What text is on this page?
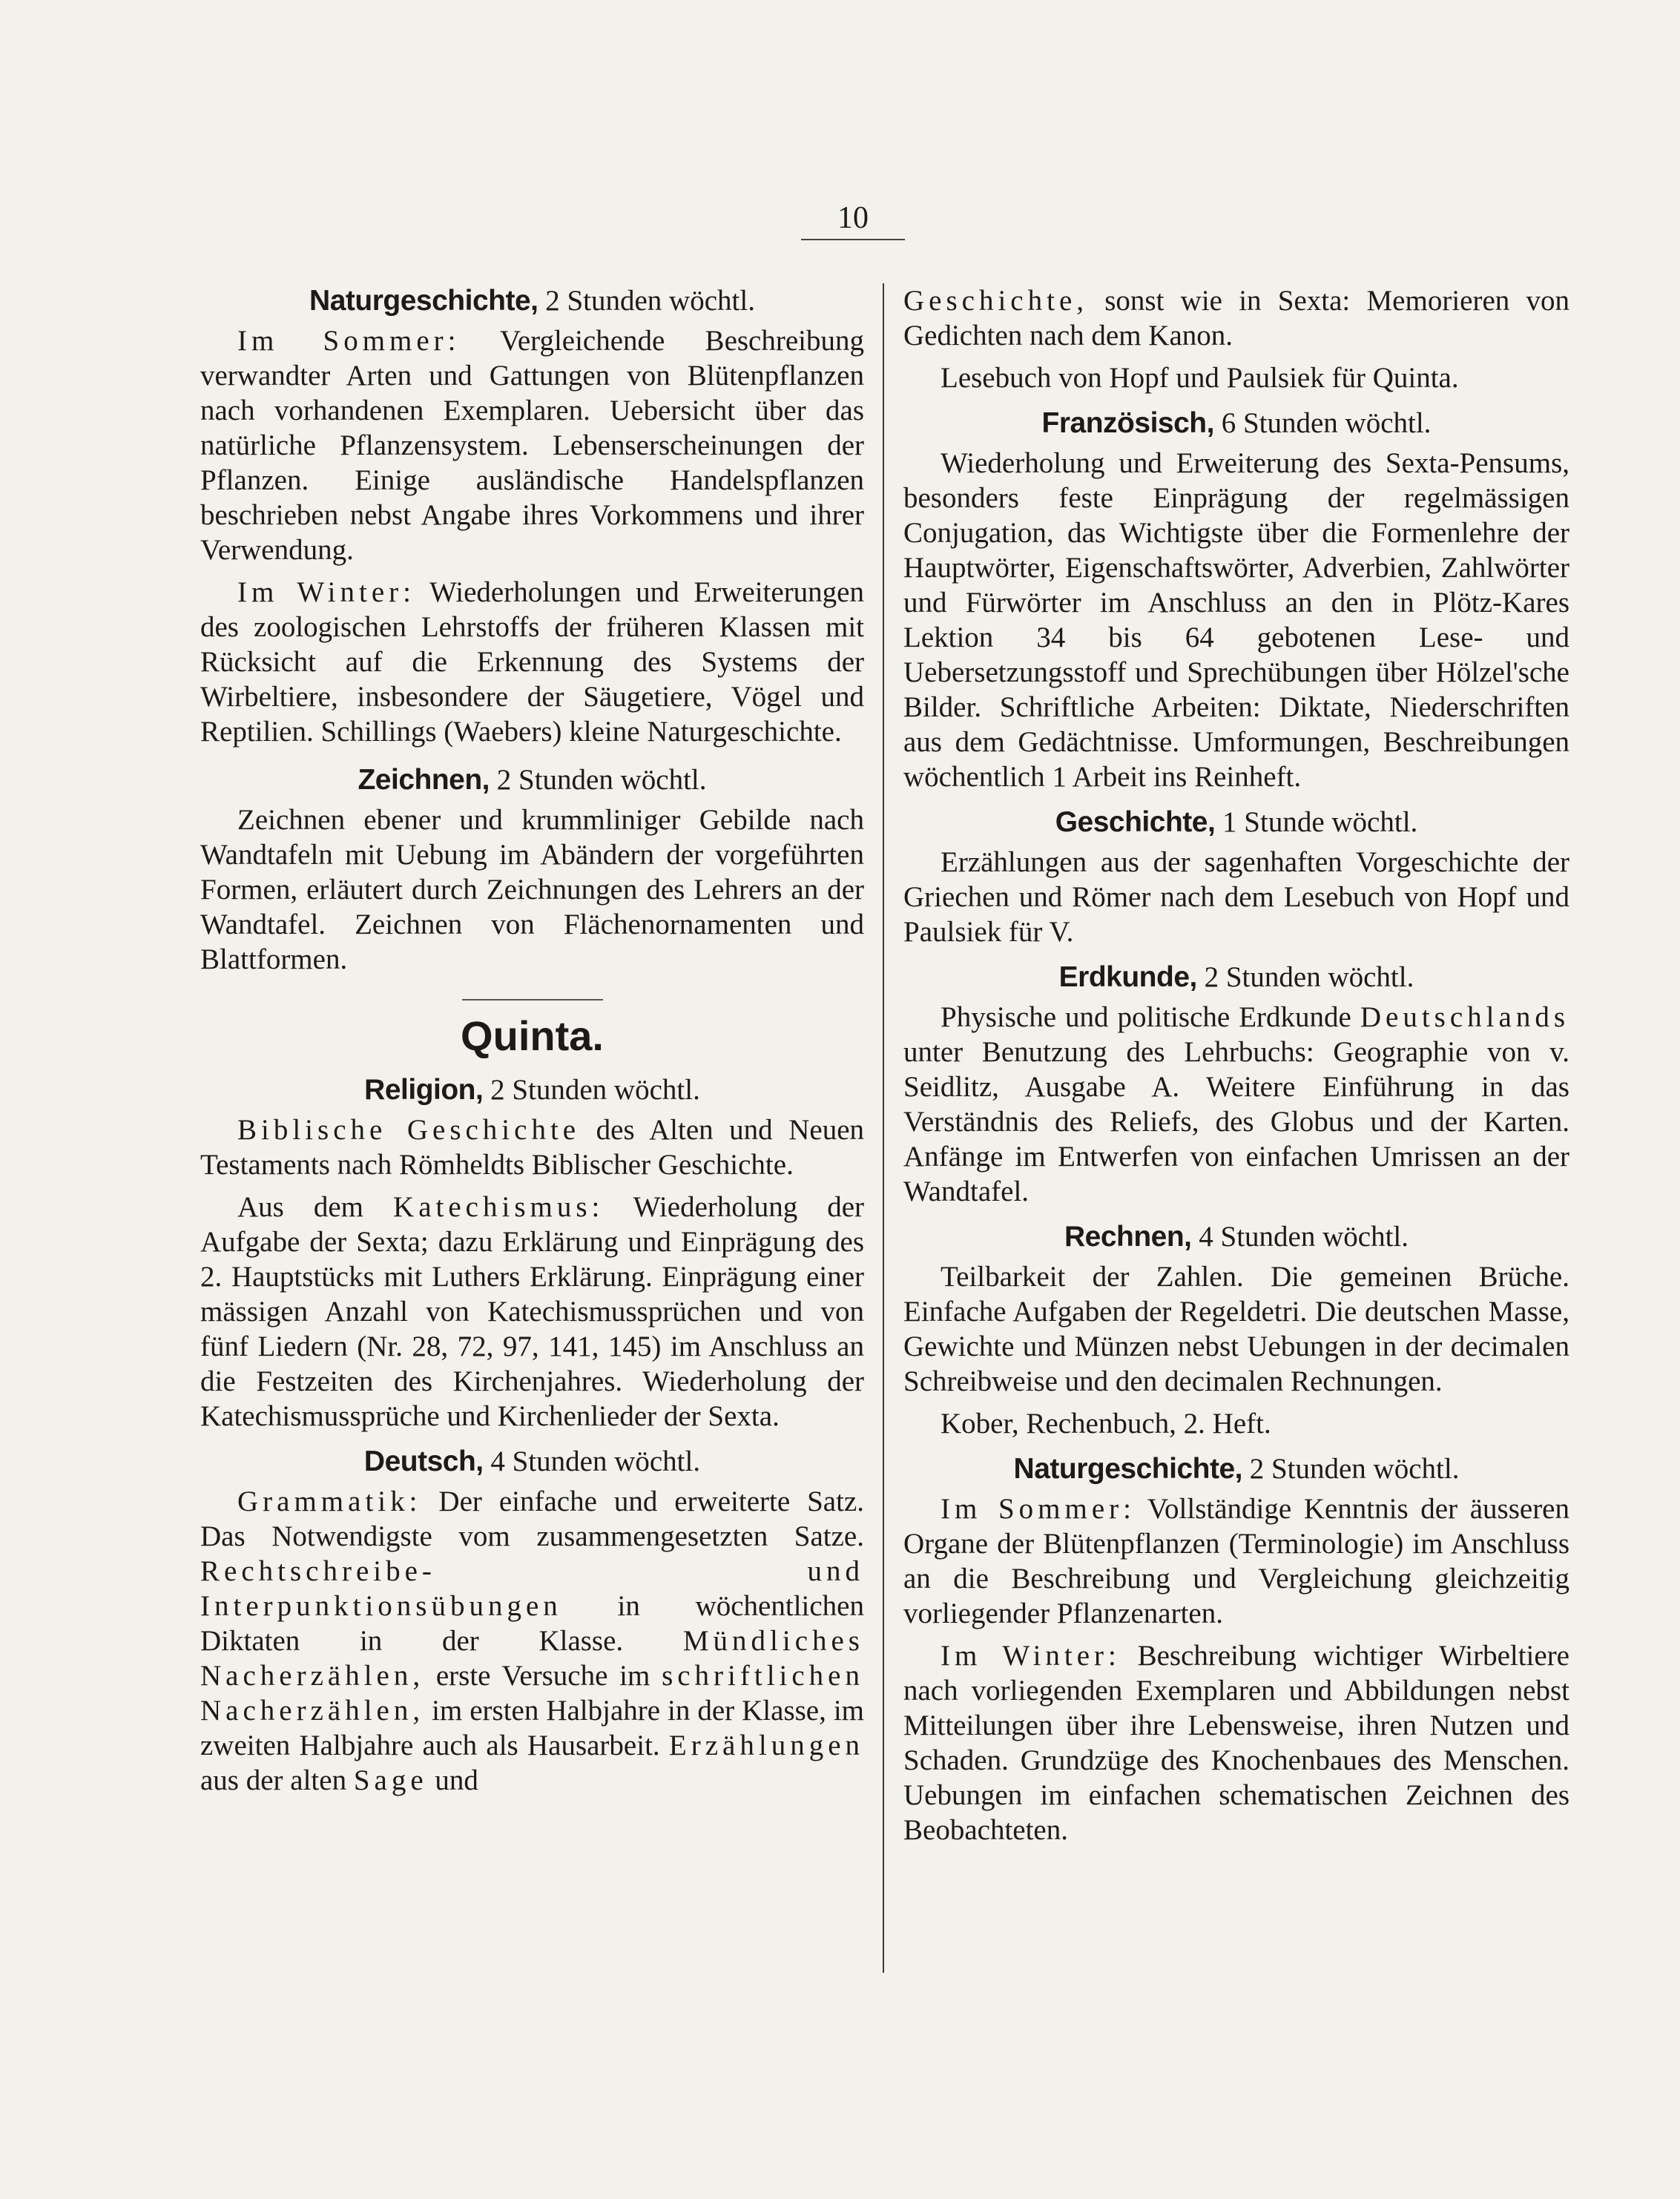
10
Naturgeschichte, 2 Stunden wöchtl.

Im Sommer: Vergleichende Beschreibung verwandter Arten und Gattungen von Blütenpflanzen nach vorhandenen Exemplaren. Uebersicht über das natürliche Pflanzensystem. Lebenserscheinungen der Pflanzen. Einige ausländische Handelspflanzen beschrieben nebst Angabe ihres Vorkommens und ihrer Verwendung.

Im Winter: Wiederholungen und Erweiterungen des zoologischen Lehrstoffs der früheren Klassen mit Rücksicht auf die Erkennung des Systems der Wirbeltiere, insbesondere der Säugetiere, Vögel und Reptilien. Schillings (Waebers) kleine Naturgeschichte.

Zeichnen, 2 Stunden wöchtl.

Zeichnen ebener und krummliniger Gebilde nach Wandtafeln mit Uebung im Abändern der vorgeführten Formen, erläutert durch Zeichnungen des Lehrers an der Wandtafel. Zeichnen von Flächenornamenten und Blattformen.

Quinta.
Religion, 2 Stunden wöchtl.

Biblische Geschichte des Alten und Neuen Testaments nach Römheldts Biblischer Geschichte.

Aus dem Katechismus: Wiederholung der Aufgabe der Sexta; dazu Erklärung und Einprägung des 2. Hauptstücks mit Luthers Erklärung. Einprägung einer mässigen Anzahl von Katechismussprüchen und von fünf Liedern (Nr. 28, 72, 97, 141, 145) im Anschluss an die Festzeiten des Kirchenjahres. Wiederholung der Katechismussprüche und Kirchenlieder der Sexta.

Deutsch, 4 Stunden wöchtl.

Grammatik: Der einfache und erweiterte Satz. Das Notwendigste vom zusammengesetzten Satze. Rechtschreibe- und Interpunktionsübungen in wöchentlichen Diktaten in der Klasse. Mündliches Nacherzählen, erste Versuche im schriftlichen Nacherzählen, im ersten Halbjahre in der Klasse, im zweiten Halbjahre auch als Hausarbeit. Erzählungen aus der alten Sage und

Geschichte, sonst wie in Sexta: Memorieren von Gedichten nach dem Kanon.

Lesebuch von Hopf und Paulsiek für Quinta.

Französisch, 6 Stunden wöchtl.

Wiederholung und Erweiterung des Sexta-Pensums, besonders feste Einprägung der regelmässigen Conjugation, das Wichtigste über die Formenlehre der Hauptwörter, Eigenschaftswörter, Adverbien, Zahlwörter und Fürwörter im Anschluss an den in Plötz-Kares Lektion 34 bis 64 gebotenen Lese- und Uebersetzungsstoff und Sprechübungen über Hölzel'sche Bilder. Schriftliche Arbeiten: Diktate, Niederschriften aus dem Gedächtnisse. Umformungen, Beschreibungen wöchentlich 1 Arbeit ins Reinheft.

Geschichte, 1 Stunde wöchtl.

Erzählungen aus der sagenhaften Vorgeschichte der Griechen und Römer nach dem Lesebuch von Hopf und Paulsiek für V.

Erdkunde, 2 Stunden wöchtl.

Physische und politische Erdkunde Deutschlands unter Benutzung des Lehrbuchs: Geographie von v. Seidlitz, Ausgabe A. Weitere Einführung in das Verständnis des Reliefs, des Globus und der Karten. Anfänge im Entwerfen von einfachen Umrissen an der Wandtafel.

Rechnen, 4 Stunden wöchtl.

Teilbarkeit der Zahlen. Die gemeinen Brüche. Einfache Aufgaben der Regeldetri. Die deutschen Masse, Gewichte und Münzen nebst Uebungen in der decimalen Schreibweise und den decimalen Rechnungen.

Kober, Rechenbuch, 2. Heft.

Naturgeschichte, 2 Stunden wöchtl.

Im Sommer: Vollständige Kenntnis der äusseren Organe der Blütenpflanzen (Terminologie) im Anschluss an die Beschreibung und Vergleichung gleichzeitig vorliegender Pflanzenarten.

Im Winter: Beschreibung wichtiger Wirbeltiere nach vorliegenden Exemplaren und Abbildungen nebst Mitteilungen über ihre Lebensweise, ihren Nutzen und Schaden. Grundzüge des Knochenbaues des Menschen. Uebungen im einfachen schematischen Zeichnen des Beobachteten.
